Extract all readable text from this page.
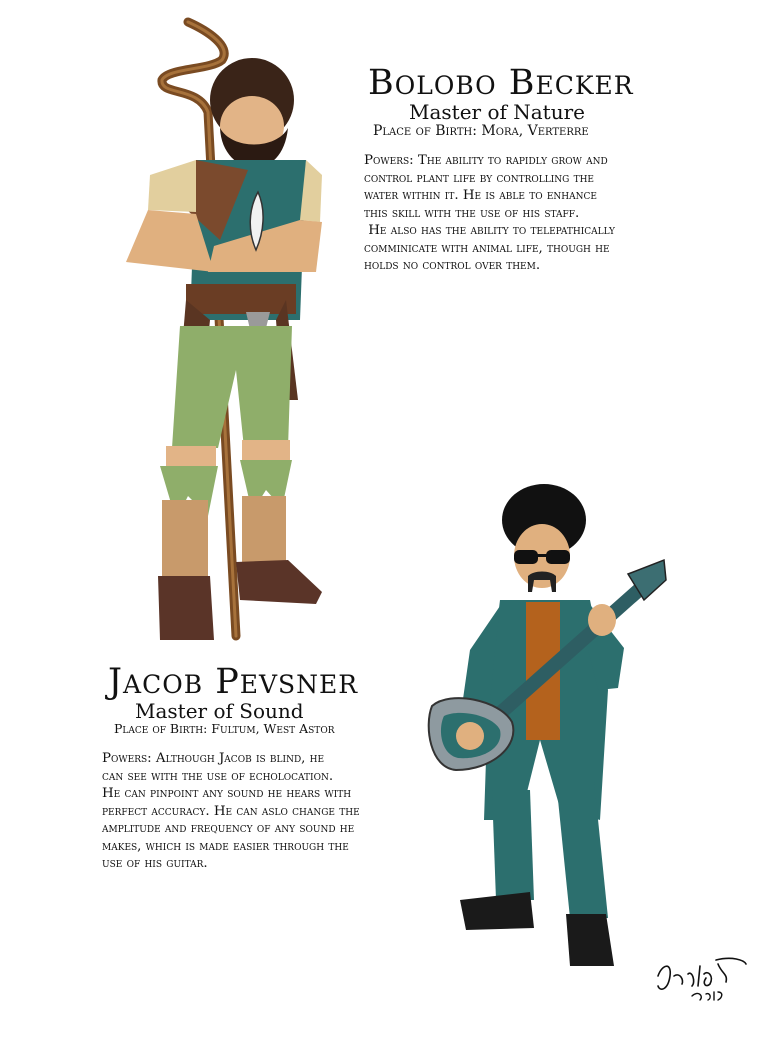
Bolobo Becker
Master of Nature
Place of Birth: Mora, Verterre
Powers: The ability to rapidly grow and
control plant life by controlling the
water within it. He is able to enhance
this skill with the use of his staff.
He also has the ability to telepathically
comminicate with animal life, though he
holds no control over them.
Jacob Pevsner
Master of Sound
Place of Birth: Fultum, West Astor
Powers: Although Jacob is blind, he
can see with the use of echolocation.
He can pinpoint any sound he hears with
perfect accuracy. He can aslo change the
amplitude and frequency of any sound he
makes, which is made easier through the
use of his guitar.
